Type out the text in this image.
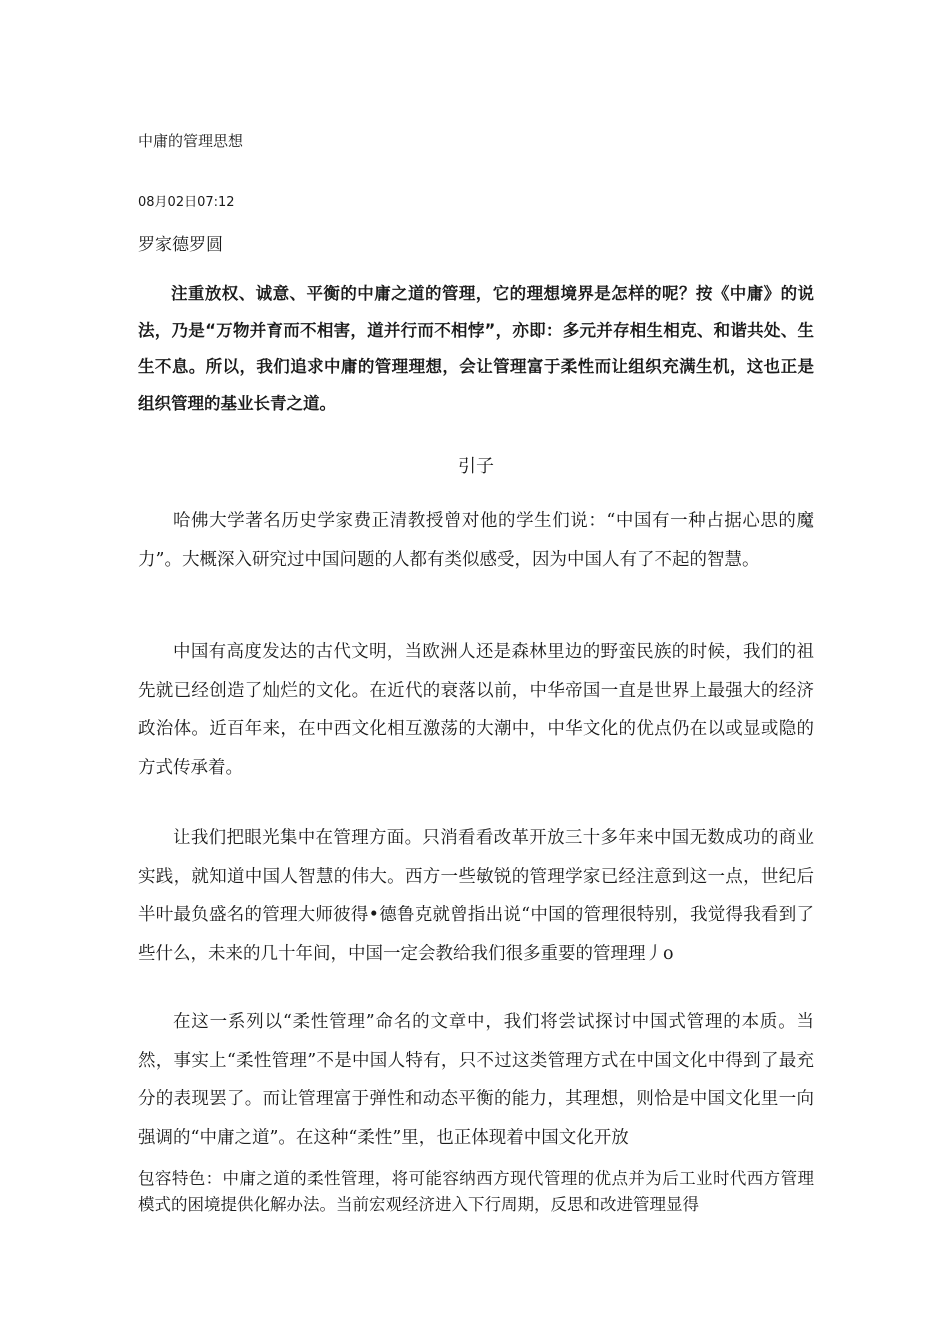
中庸的管理思想

08月02日07:12

罗家德罗圆

注重放权、诚意、平衡的中庸之道的管理，它的理想境界是怎样的呢？按《中庸》的说法，乃是“万物并育而不相害，道并行而不相悖”，亦即：多元并存相生相克、和谐共处、生生不息。所以，我们追求中庸的管理理想，会让管理富于柔性而让组织充满生机，这也正是组织管理的基业长青之道。

引子

哈佛大学著名历史学家费正清教授曾对他的学生们说：“中国有一种占据心思的魔力”。大概深入研究过中国问题的人都有类似感受，因为中国人有了不起的智慧。

中国有高度发达的古代文明，当欧洲人还是森林里边的野蛮民族的时候，我们的祖先就已经创造了灿烂的文化。在近代的衰落以前，中华帝国一直是世界上最强大的经济政治体。近百年来，在中西文化相互激荡的大潮中，中华文化的优点仍在以或显或隐的方式传承着。

让我们把眼光集中在管理方面。只消看看改革开放三十多年来中国无数成功的商业实践，就知道中国人智慧的伟大。西方一些敏锐的管理学家已经注意到这一点，世纪后半叶最负盛名的管理大师彼得•德鲁克就曾指出说“中国的管理很特别，我觉得我看到了些什么，未来的几十年间，中国一定会教给我们很多重要的管理理丿o

在这一系列以“柔性管理”命名的文章中，我们将尝试探讨中国式管理的本质。当然，事实上“柔性管理”不是中国人特有，只不过这类管理方式在中国文化中得到了最充分的表现罢了。而让管理富于弹性和动态平衡的能力，其理想，则恰是中国文化里一向强调的“中庸之道”。在这种“柔性”里，也正体现着中国文化开放

包容特色：中庸之道的柔性管理，将可能容纳西方现代管理的优点并为后工业时代西方管理模式的困境提供化解办法。当前宏观经济进入下行周期，反思和改进管理显得
